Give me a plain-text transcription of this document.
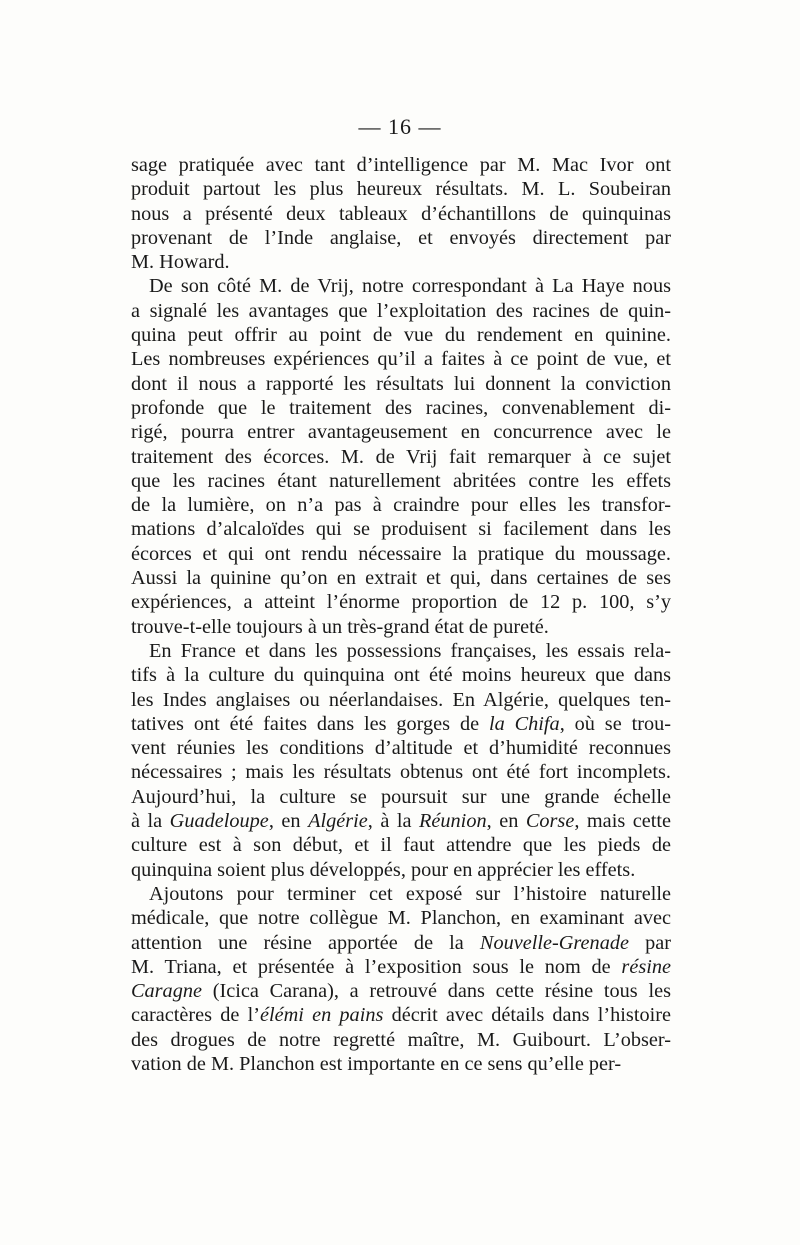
— 16 —
sage pratiquée avec tant d’intelligence par M. Mac Ivor ont
produit partout les plus heureux résultats. M. L. Soubeiran
nous a présenté deux tableaux d’échantillons de quinquinas
provenant de l’Inde anglaise, et envoyés directement par
M. Howard.
De son côté M. de Vrij, notre correspondant à La Haye nous
a signalé les avantages que l’exploitation des racines de quin-
quina peut offrir au point de vue du rendement en quinine.
Les nombreuses expériences qu’il a faites à ce point de vue, et
dont il nous a rapporté les résultats lui donnent la conviction
profonde que le traitement des racines, convenablement di-
rigé, pourra entrer avantageusement en concurrence avec le
traitement des écorces. M. de Vrij fait remarquer à ce sujet
que les racines étant naturellement abritées contre les effets
de la lumière, on n’a pas à craindre pour elles les transfor-
mations d’alcaloïdes qui se produisent si facilement dans les
écorces et qui ont rendu nécessaire la pratique du moussage.
Aussi la quinine qu’on en extrait et qui, dans certaines de ses
expériences, a atteint l’énorme proportion de 12 p. 100, s’y
trouve-t-elle toujours à un très-grand état de pureté.
En France et dans les possessions françaises, les essais rela-
tifs à la culture du quinquina ont été moins heureux que dans
les Indes anglaises ou néerlandaises. En Algérie, quelques ten-
tatives ont été faites dans les gorges de la Chifa, où se trou-
vent réunies les conditions d’altitude et d’humidité reconnues
nécessaires ; mais les résultats obtenus ont été fort incomplets.
Aujourd’hui, la culture se poursuit sur une grande échelle
à la Guadeloupe, en Algérie, à la Réunion, en Corse, mais cette
culture est à son début, et il faut attendre que les pieds de
quinquina soient plus développés, pour en apprécier les effets.
Ajoutons pour terminer cet exposé sur l’histoire naturelle
médicale, que notre collègue M. Planchon, en examinant avec
attention une résine apportée de la Nouvelle-Grenade par
M. Triana, et présentée à l’exposition sous le nom de résine
Caragne (Icica Carana), a retrouvé dans cette résine tous les
caractères de l’élémi en pains décrit avec détails dans l’histoire
des drogues de notre regretté maître, M. Guibourt. L’obser-
vation de M. Planchon est importante en ce sens qu’elle per-
